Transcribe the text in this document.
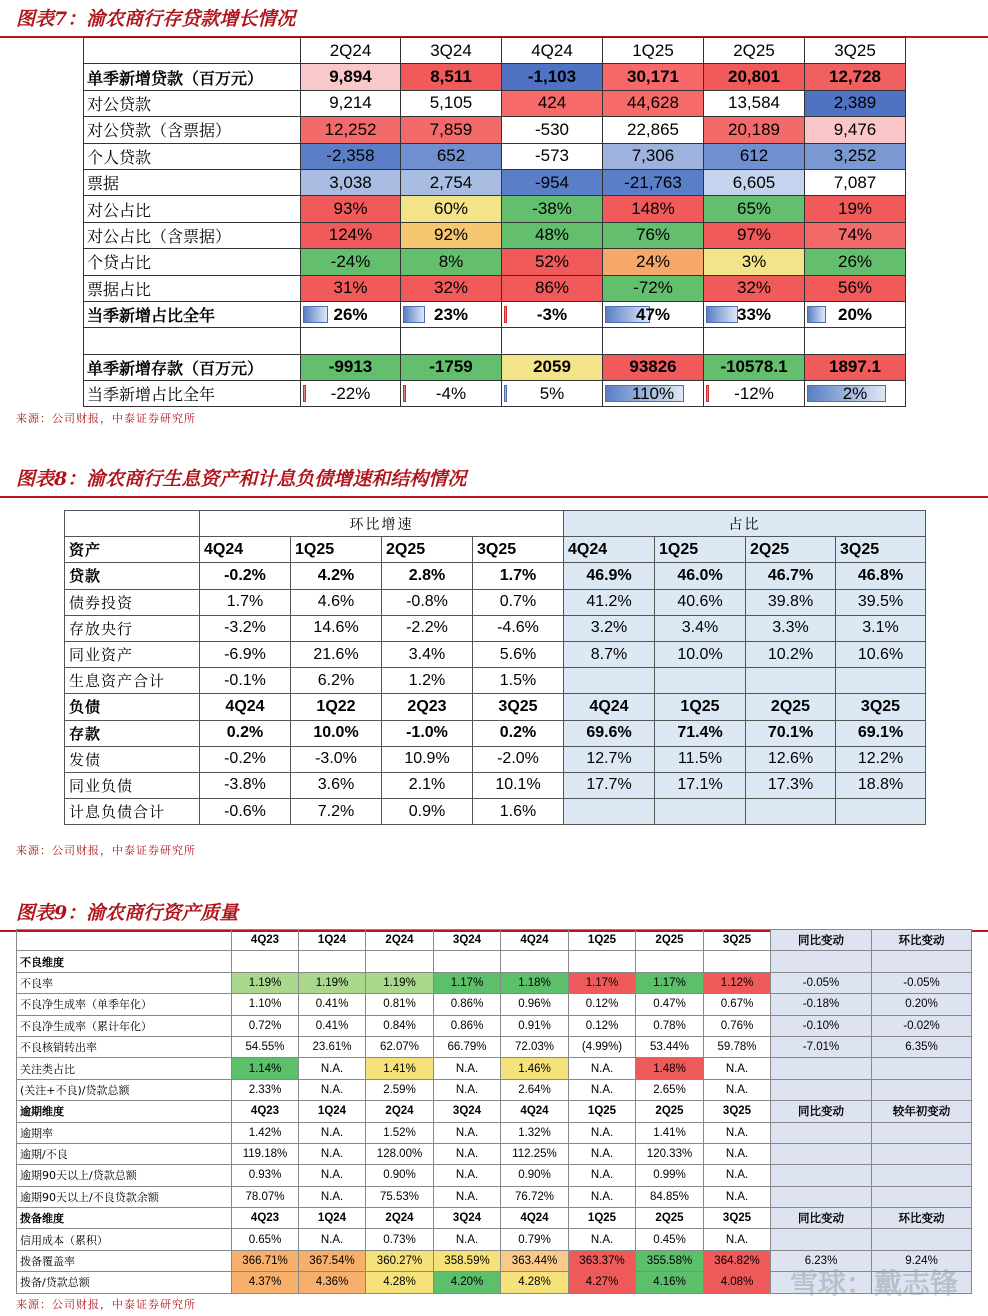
图表7：渝农商行存贷款增长情况
	2Q24	3Q24	4Q24	1Q25	2Q25	3Q25
单季新增贷款（百万元）	9,894	8,511	-1,103	30,171	20,801	12,728
对公贷款	9,214	5,105	424	44,628	13,584	2,389
对公贷款（含票据）	12,252	7,859	-530	22,865	20,189	9,476
个人贷款	-2,358	652	-573	7,306	612	3,252
票据	3,038	2,754	-954	-21,763	6,605	7,087
对公占比	93%	60%	-38%	148%	65%	19%
对公占比（含票据）	124%	92%	48%	76%	97%	74%
个贷占比	-24%	8%	52%	24%	3%	26%
票据占比	31%	32%	86%	-72%	32%	56%
当季新增占比全年	26%	23%	-3%	47%	33%	20%

单季新增存款（百万元）	-9913	-1759	2059	93826	-10578.1	1897.1
当季新增占比全年	-22%	-4%	5%	110%	-12%	2%
来源：公司财报，中泰证券研究所
图表8：渝农商行生息资产和计息负债增速和结构情况
	环比增速				占比			
资产	4Q24	1Q25	2Q25	3Q25	4Q24	1Q25	2Q25	3Q25
贷款	-0.2%	4.2%	2.8%	1.7%	46.9%	46.0%	46.7%	46.8%
债券投资	1.7%	4.6%	-0.8%	0.7%	41.2%	40.6%	39.8%	39.5%
存放央行	-3.2%	14.6%	-2.2%	-4.6%	3.2%	3.4%	3.3%	3.1%
同业资产	-6.9%	21.6%	3.4%	5.6%	8.7%	10.0%	10.2%	10.6%
生息资产合计	-0.1%	6.2%	1.2%	1.5%				
负债	4Q24	1Q22	2Q23	3Q25	4Q24	1Q25	2Q25	3Q25
存款	0.2%	10.0%	-1.0%	0.2%	69.6%	71.4%	70.1%	69.1%
发债	-0.2%	-3.0%	10.9%	-2.0%	12.7%	11.5%	12.6%	12.2%
同业负债	-3.8%	3.6%	2.1%	10.1%	17.7%	17.1%	17.3%	18.8%
计息负债合计	-0.6%	7.2%	0.9%	1.6%				
来源：公司财报，中泰证券研究所
图表9：渝农商行资产质量
	4Q23	1Q24	2Q24	3Q24	4Q24	1Q25	2Q25	3Q25	同比变动	环比变动
不良维度										
不良率	1.19%	1.19%	1.19%	1.17%	1.18%	1.17%	1.17%	1.12%	-0.05%	-0.05%
不良净生成率（单季年化）	1.10%	0.41%	0.81%	0.86%	0.96%	0.12%	0.47%	0.67%	-0.18%	0.20%
不良净生成率（累计年化）	0.72%	0.41%	0.84%	0.86%	0.91%	0.12%	0.78%	0.76%	-0.10%	-0.02%
不良核销转出率	54.55%	23.61%	62.07%	66.79%	72.03%	(4.99%)	53.44%	59.78%	-7.01%	6.35%
关注类占比	1.14%	N.A.	1.41%	N.A.	1.46%	N.A.	1.48%	N.A.		
(关注+不良)/贷款总额	2.33%	N.A.	2.59%	N.A.	2.64%	N.A.	2.65%	N.A.		
逾期维度	4Q23	1Q24	2Q24	3Q24	4Q24	1Q25	2Q25	3Q25	同比变动	较年初变动
逾期率	1.42%	N.A.	1.52%	N.A.	1.32%	N.A.	1.41%	N.A.		
逾期/不良	119.18%	N.A.	128.00%	N.A.	112.25%	N.A.	120.33%	N.A.		
逾期90天以上/贷款总额	0.93%	N.A.	0.90%	N.A.	0.90%	N.A.	0.99%	N.A.		
逾期90天以上/不良贷款余额	78.07%	N.A.	75.53%	N.A.	76.72%	N.A.	84.85%	N.A.		
拨备维度	4Q23	1Q24	2Q24	3Q24	4Q24	1Q25	2Q25	3Q25	同比变动	环比变动
信用成本（累积）	0.65%	N.A.	0.73%	N.A.	0.79%	N.A.	0.45%	N.A.		
拨备覆盖率	366.71%	367.54%	360.27%	358.59%	363.44%	363.37%	355.58%	364.82%	6.23%	9.24%
拨备/贷款总额	4.37%	4.36%	4.28%	4.20%	4.28%	4.27%	4.16%	4.08%		
来源：公司财报，中泰证券研究所
雪球：戴志锋
